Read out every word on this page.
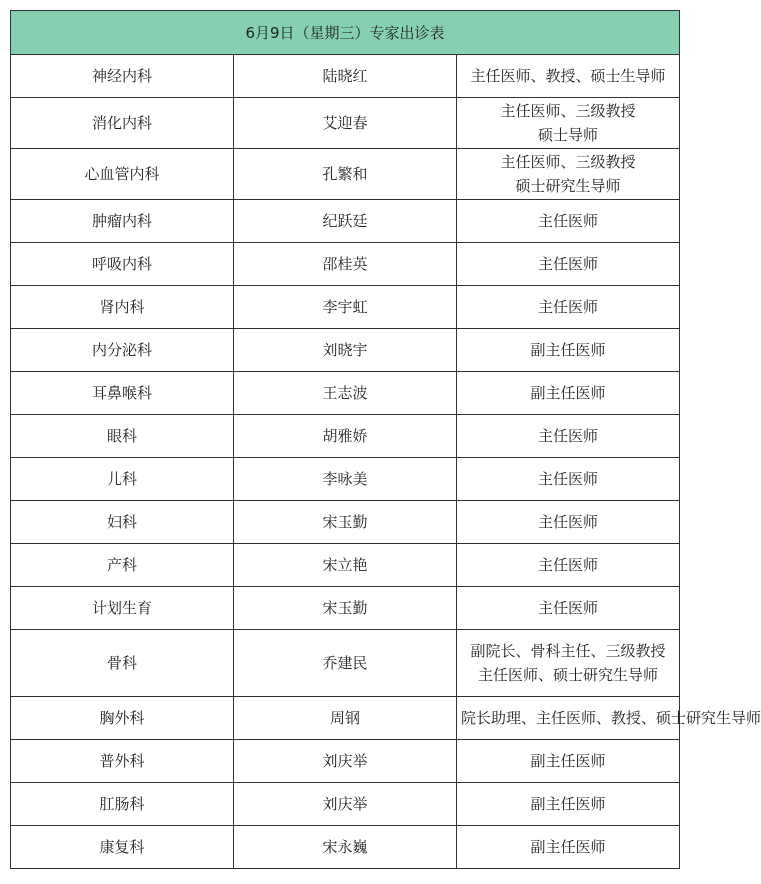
6月9日（星期三）专家出诊表		
神经内科	陆晓红	主任医师、教授、硕士生导师

消化内科	艾迎春	主任医师、三级教授
硕士导师

心血管内科	孔繁和	主任医师、三级教授
硕士研究生导师

肿瘤内科	纪跃廷	主任医师

呼吸内科	邵桂英	主任医师

肾内科	李宇虹	主任医师

内分泌科	刘晓宇	副主任医师

耳鼻喉科	王志波	副主任医师

眼科	胡雅娇	主任医师

儿科	李咏美	主任医师

妇科	宋玉勤	主任医师

产科	宋立艳	主任医师

计划生育	宋玉勤	主任医师

骨科	乔建民	副院长、骨科主任、三级教授
主任医师、硕士研究生导师

胸外科	周钢	院长助理、主任医师、教授、硕士研究生导师

普外科	刘庆举	副主任医师

肛肠科	刘庆举	副主任医师

康复科	宋永巍	副主任医师
